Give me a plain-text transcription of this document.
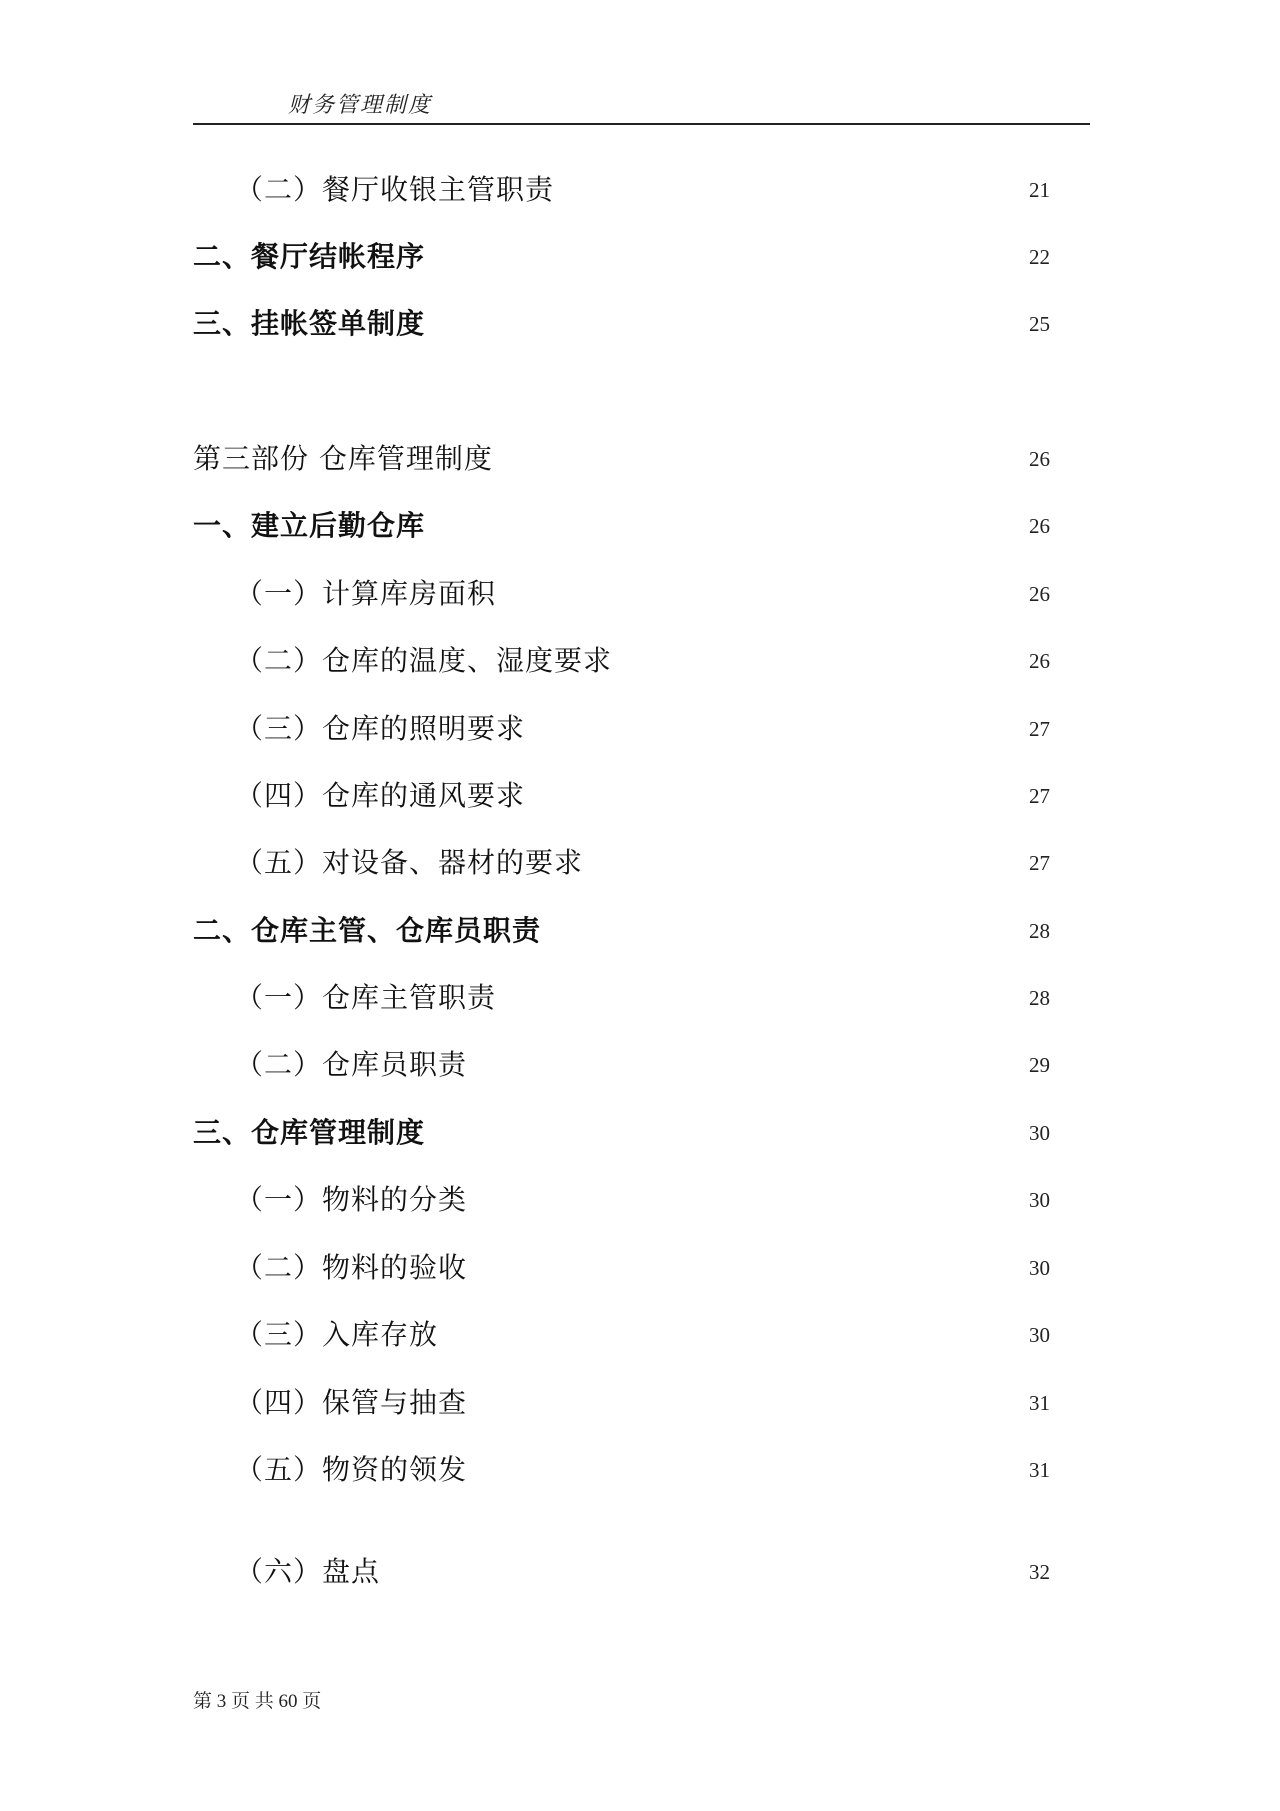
财务管理制度
（二）餐厅收银主管职责	21
二、餐厅结帐程序	22
三、挂帐签单制度	25
第三部份 仓库管理制度	26
一、建立后勤仓库	26
（一）计算库房面积	26
（二）仓库的温度、湿度要求	26
（三）仓库的照明要求	27
（四）仓库的通风要求	27
（五）对设备、器材的要求	27
二、仓库主管、仓库员职责	28
（一）仓库主管职责	28
（二）仓库员职责	29
三、仓库管理制度	30
（一）物料的分类	30
（二）物料的验收	30
（三）入库存放	30
（四）保管与抽查	31
（五）物资的领发	31
（六）盘点	32
第 3 页 共 60 页
